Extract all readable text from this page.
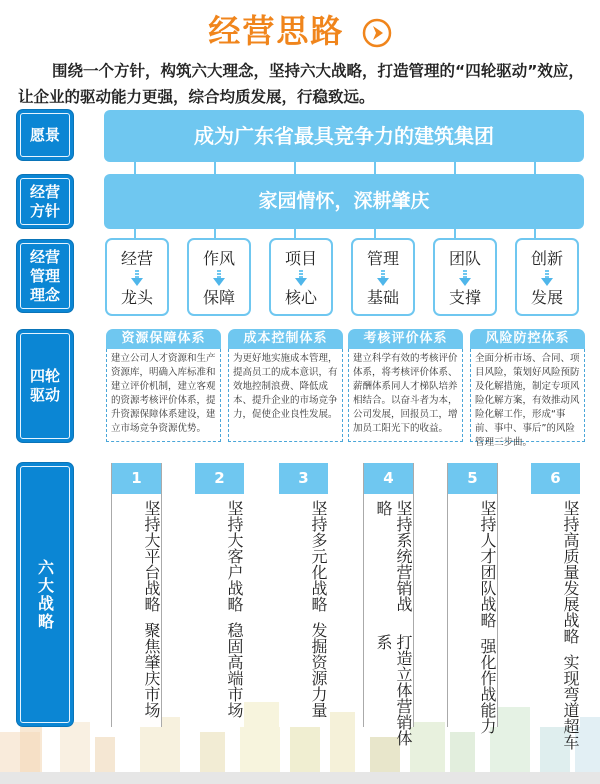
经营思路
围绕一个方针，构筑六大理念，坚持六大战略，打造管理的“四轮驱动”效应，让企业的驱动能力更强，综合均质发展，行稳致远。
愿景	成为广东省最具竞争力的建筑集团
经营
方针	家园情怀，深耕肇庆
经营
管理
理念
经营
龙头
作风
保障
项目
核心
管理
基础
团队
支撑
创新
发展
四轮
驱动
资源保障体系
建立公司人才资源和生产资源库，明确入库标准和建立评价机制，建立客观的资源考核评价体系，提升资源保障体系建设，建立市场竞争资源优势。
成本控制体系
为更好地实施成本管理，提高员工的成本意识，有效地控制浪费、降低成本、提升企业的市场竞争力，促使企业良性发展。
考核评价体系
建立科学有效的考核评价体系，将考核评价体系、薪酬体系同人才梯队培养相结合。以奋斗者为本，公司发展，回报员工，增加员工阳光下的收益。
风险防控体系
全面分析市场、合同、项目风险，策划好风险预防及化解措施，制定专项风险化解方案，有效推动风险化解工作，形成“事前、事中、事后”的风险管理三步曲。
六大战略
1
坚持大平台战略
聚焦肇庆市场
2
坚持大客户战略
稳固高端市场
3
坚持多元化战略
发掘资源力量
4
坚持系统营销战略
打造立体营销体系
5
坚持人才团队战略
强化作战能力
6
坚持高质量发展战略
实现弯道超车
